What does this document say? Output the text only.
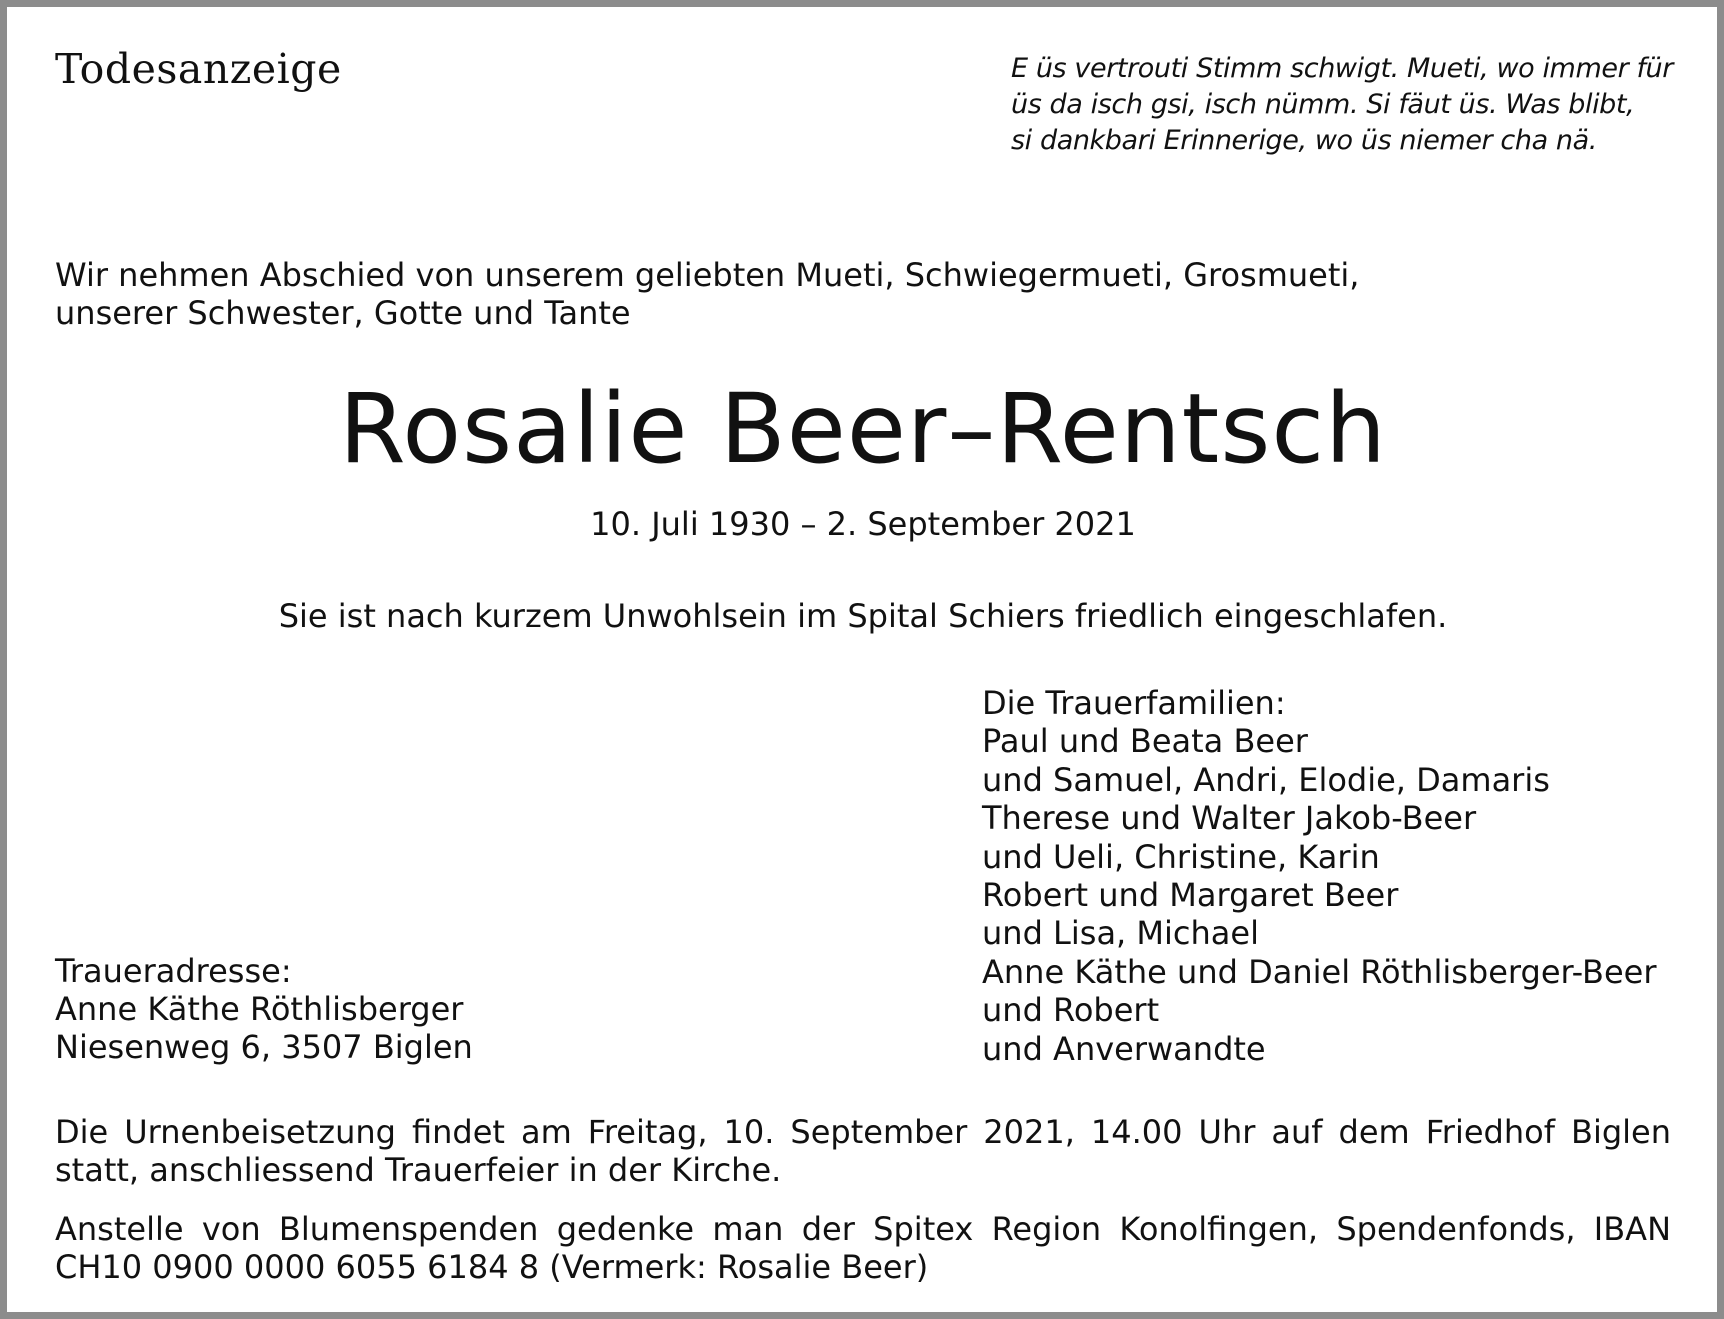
Todesanzeige	E üs vertrouti Stimm schwigt. Mueti, wo immer für
üs da isch gsi, isch nümm. Si fäut üs. Was blibt,
si dankbari Erinnerige, wo üs niemer cha nä.
Wir nehmen Abschied von unserem geliebten Mueti, Schwiegermueti, Grosmueti,
unserer Schwester, Gotte und Tante
Rosalie Beer–Rentsch
10. Juli 1930 – 2. September 2021
Sie ist nach kurzem Unwohlsein im Spital Schiers friedlich eingeschlafen.
Die Trauerfamilien:
Paul und Beata Beer
und Samuel, Andri, Elodie, Damaris
Therese und Walter Jakob-Beer
und Ueli, Christine, Karin
Robert und Margaret Beer
und Lisa, Michael
Anne Käthe und Daniel Röthlisberger-Beer
und Robert
und Anverwandte
Traueradresse:
Anne Käthe Röthlisberger
Niesenweg 6, 3507 Biglen
Die Urnenbeisetzung findet am Freitag, 10. September 2021, 14.00 Uhr auf dem Friedhof Biglen
statt, anschliessend Trauerfeier in der Kirche.
Anstelle von Blumenspenden gedenke man der Spitex Region Konolfingen, Spendenfonds, IBAN
CH10 0900 0000 6055 6184 8 (Vermerk: Rosalie Beer)
